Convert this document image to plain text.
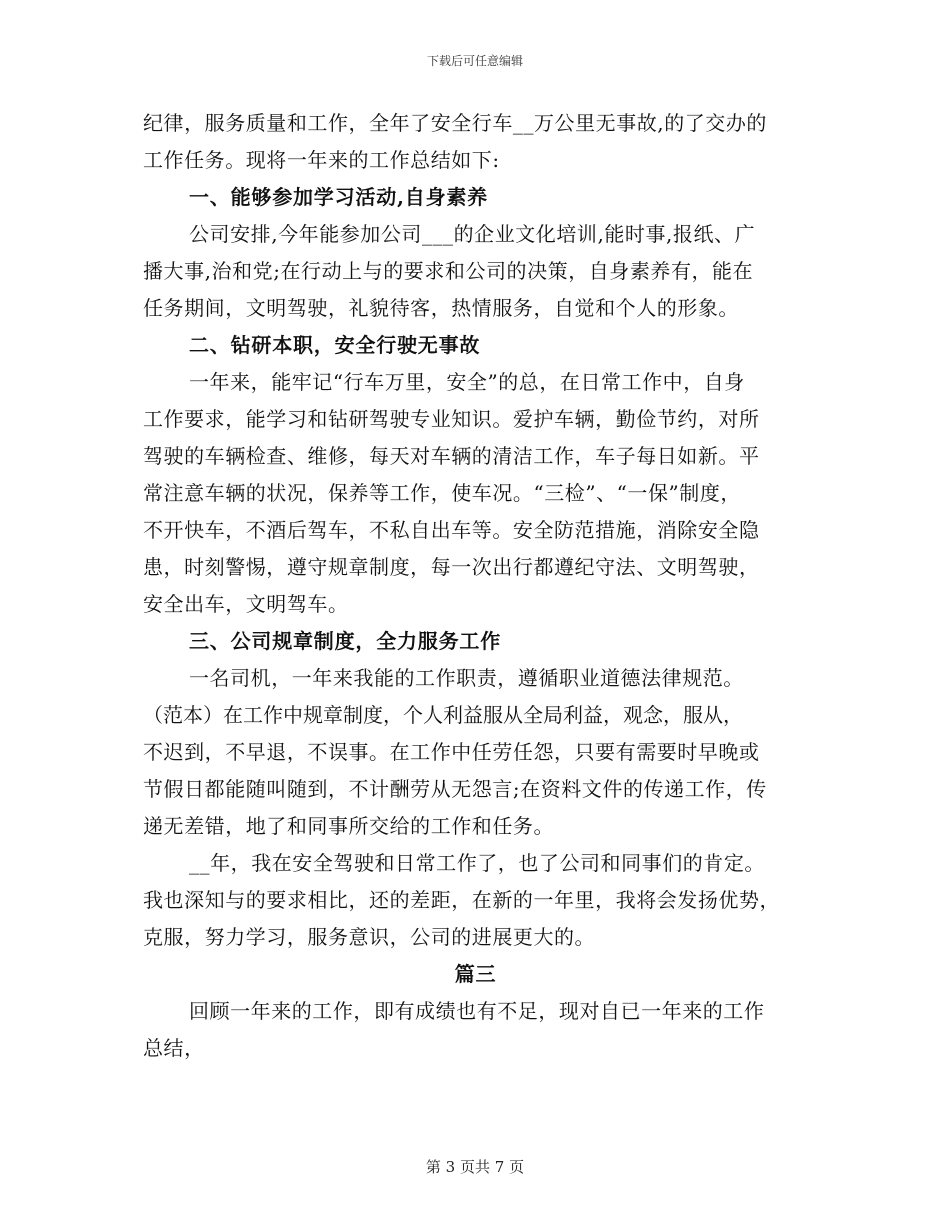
下载后可任意编辑
纪律，服务质量和工作，全年了安全行车__万公里无事故,的了交办的
工作任务。现将一年来的工作总结如下:
一、能够参加学习活动,自身素养
公司安排,今年能参加公司___的企业文化培训,能时事,报纸、广
播大事,治和党;在行动上与的要求和公司的决策，自身素养有，能在
任务期间，文明驾驶，礼貌待客，热情服务，自觉和个人的形象。
二、钻研本职，安全行驶无事故
一年来，能牢记“行车万里，安全”的总，在日常工作中，自身
工作要求，能学习和钻研驾驶专业知识。爱护车辆，勤俭节约，对所
驾驶的车辆检查、维修，每天对车辆的清洁工作，车子每日如新。平
常注意车辆的状况，保养等工作，使车况。“三检”、“一保”制度，
不开快车，不酒后驾车，不私自出车等。安全防范措施，消除安全隐
患，时刻警惕，遵守规章制度，每一次出行都遵纪守法、文明驾驶，
安全出车，文明驾车。
三、公司规章制度，全力服务工作
一名司机，一年来我能的工作职责，遵循职业道德法律规范。
（范本）在工作中规章制度，个人利益服从全局利益，观念，服从，
不迟到，不早退，不误事。在工作中任劳任怨，只要有需要时早晚或
节假日都能随叫随到，不计酬劳从无怨言;在资料文件的传递工作，传
递无差错，地了和同事所交给的工作和任务。
__年，我在安全驾驶和日常工作了，也了公司和同事们的肯定。
我也深知与的要求相比，还的差距，在新的一年里，我将会发扬优势，
克服，努力学习，服务意识，公司的进展更大的。
篇三
回顾一年来的工作，即有成绩也有不足，现对自已一年来的工作
总结，
第 3 页共 7 页
